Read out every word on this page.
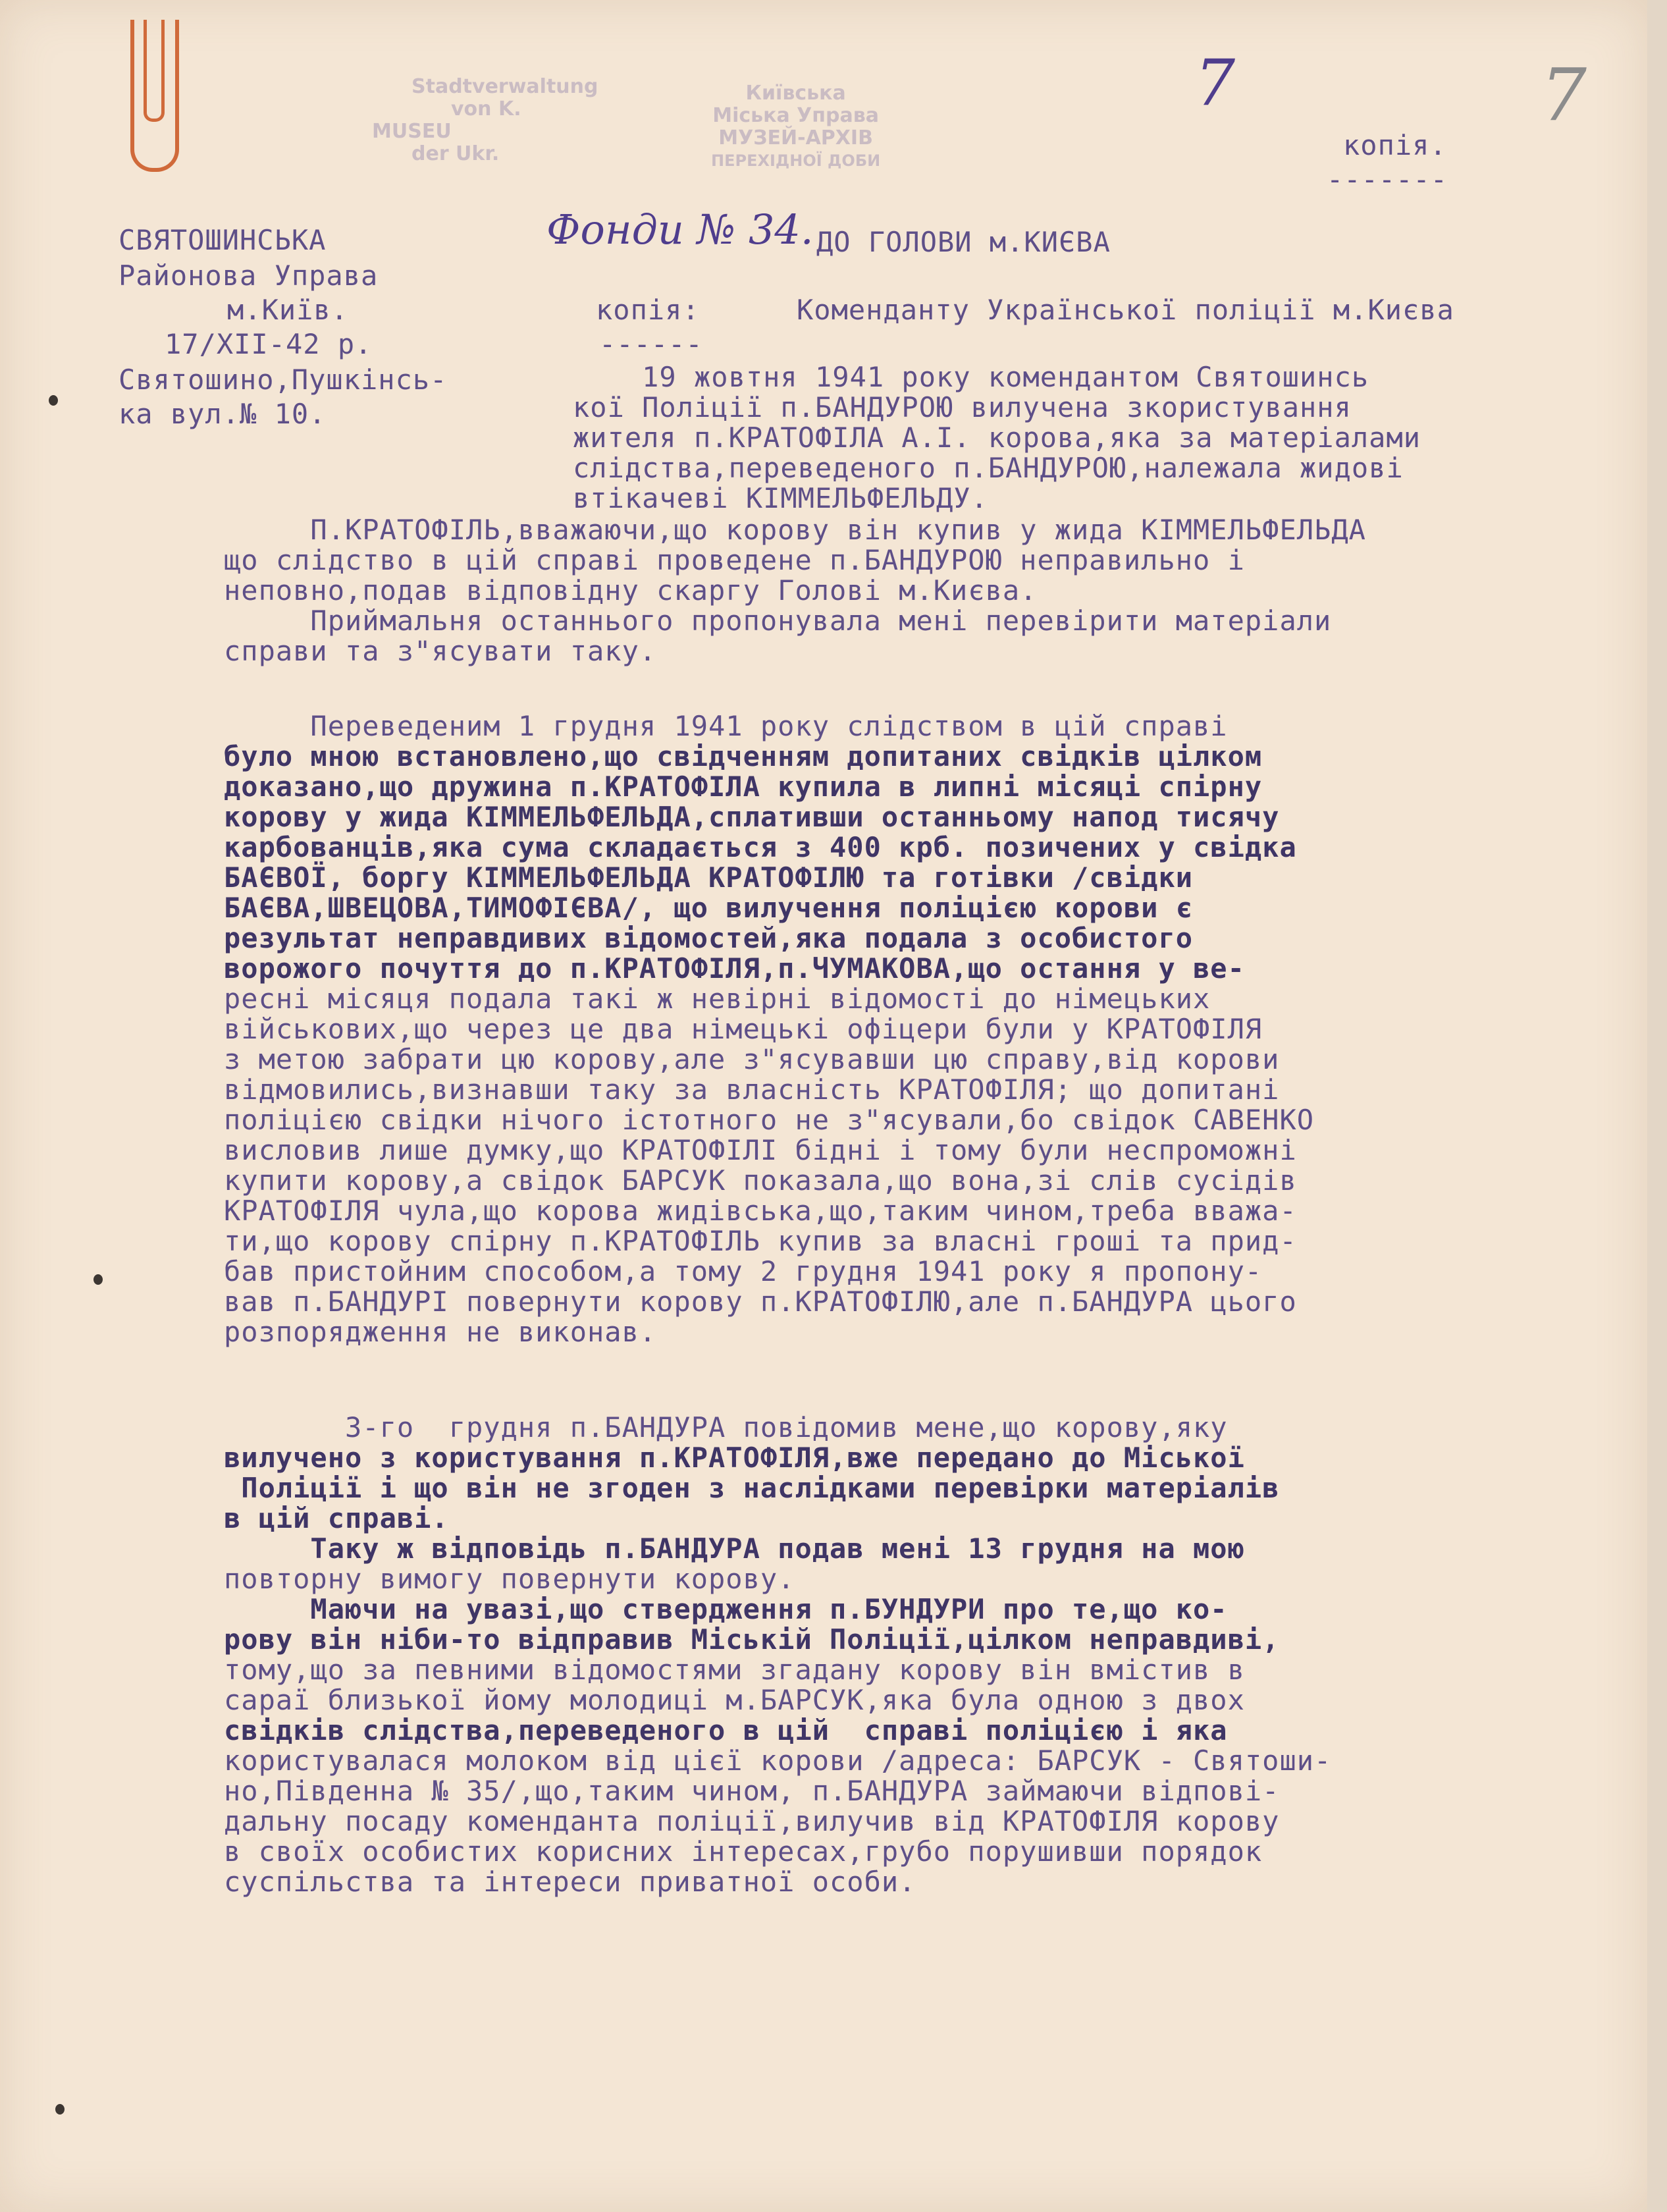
Stadtverwaltung
von K.
MUSEU
der Ukr.
Київська
Міська Управа
МУЗЕЙ-АРХІВ
ПЕРЕХІДНОЇ ДОБИ
7	7
Фонди № 34.
копія.
-------
СВЯТОШИНСЬКА
Районова Управа
м.Київ.
17/XII-42 р.
Святошино,Пушкінсь-
ка вул.№ 10.
ДО ГОЛОВИ м.КИЄВА
копія:
------
Коменданту Української поліції м.Києва
19 жовтня 1941 року комендантом Святошинсь
кої Поліції п.БАНДУРОЮ вилучена зкористування
жителя п.КРАТОФІЛА А.І. корова,яка за матеріалами
слідства,переведеного п.БАНДУРОЮ,належала жидові
втікачеві КІММЕЛЬФЕЛЬДУ.
П.КРАТОФІЛЬ,вважаючи,що корову він купив у жида КІММЕЛЬФЕЛЬДА
що слідство в цій справі проведене п.БАНДУРОЮ неправильно і
неповно,подав відповідну скаргу Голові м.Києва.
Приймальня останнього пропонувала мені перевірити матеріали
справи та з"ясувати таку.
Переведеним 1 грудня 1941 року слідством в цій справі
було мною встановлено,що свідченням допитаних свідків цілком
доказано,що дружина п.КРАТОФІЛА купила в липні місяці спірну
корову у жида КІММЕЛЬФЕЛЬДА,сплативши останньому напод тисячу
карбованців,яка сума складається з 400 крб. позичених у свідка
БАЄВОЇ, боргу КІММЕЛЬФЕЛЬДА КРАТОФІЛЮ та готівки /свідки
БАЄВА,ШВЕЦОВА,ТИМОФІЄВА/, що вилучення поліцією корови є
результат неправдивих відомостей,яка подала з особистого
ворожого почуття до п.КРАТОФІЛЯ,п.ЧУМАКОВА,що остання у ве-
ресні місяця подала такі ж невірні відомості до німецьких
військових,що через це два німецькі офіцери були у КРАТОФІЛЯ
з метою забрати цю корову,але з"ясувавши цю справу,від корови
відмовились,визнавши таку за власність КРАТОФІЛЯ; що допитані
поліцією свідки нічого істотного не з"ясували,бо свідок САВЕНКО
висловив лише думку,що КРАТОФІЛІ бідні і тому були неспроможні
купити корову,а свідок БАРСУК показала,що вона,зі слів сусідів
КРАТОФІЛЯ чула,що корова жидівська,що,таким чином,треба вважа-
ти,що корову спірну п.КРАТОФІЛЬ купив за власні гроші та прид-
бав пристойним способом,а тому 2 грудня 1941 року я пропону-
вав п.БАНДУРІ повернути корову п.КРАТОФІЛЮ,але п.БАНДУРА цього
розпорядження не виконав.
3-го  грудня п.БАНДУРА повідомив мене,що корову,яку
вилучено з користування п.КРАТОФІЛЯ,вже передано до Міської
Поліції і що він не згоден з наслідками перевірки матеріалів
в цій справі.
Таку ж відповідь п.БАНДУРА подав мені 13 грудня на мою
повторну вимогу повернути корову.
Маючи на увазі,що ствердження п.БУНДУРИ про те,що ко-
рову він ніби-то відправив Міській Поліції,цілком неправдиві,
тому,що за певними відомостями згадану корову він вмістив в
сараї близької йому молодиці м.БАРСУК,яка була одною з двох
свідків слідства,переведеного в цій  справі поліцією і яка
користувалася молоком від цієї корови /адреса: БАРСУК - Святоши-
но,Південна № 35/,що,таким чином, п.БАНДУРА займаючи відпові-
дальну посаду коменданта поліції,вилучив від КРАТОФІЛЯ корову
в своїх особистих корисних інтересах,грубо порушивши порядок
суспільства та інтереси приватної особи.
